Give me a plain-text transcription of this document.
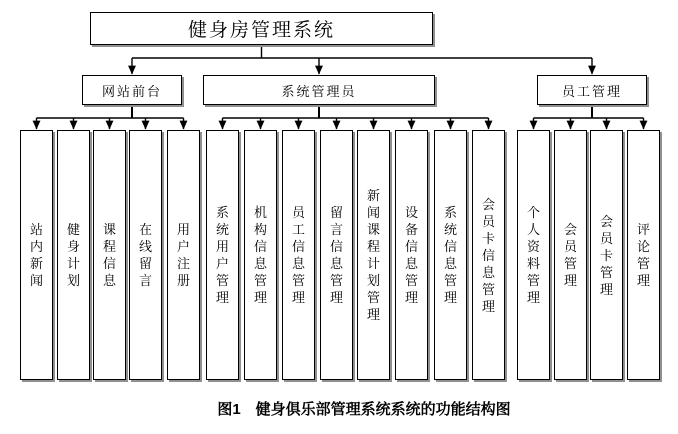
健身房管理系统
网站前台	系统管理员	员工管理
站内新闻
健身计划
课程信息
在线留言
用户注册
系统用户管理
机构信息管理
员工信息管理
留言信息管理
新闻课程计划管理
设备信息管理
系统信息管理
会员卡信息管理
个人资料管理
会员管理
会员卡管理
评论管理
图1　健身俱乐部管理系统系统的功能结构图
